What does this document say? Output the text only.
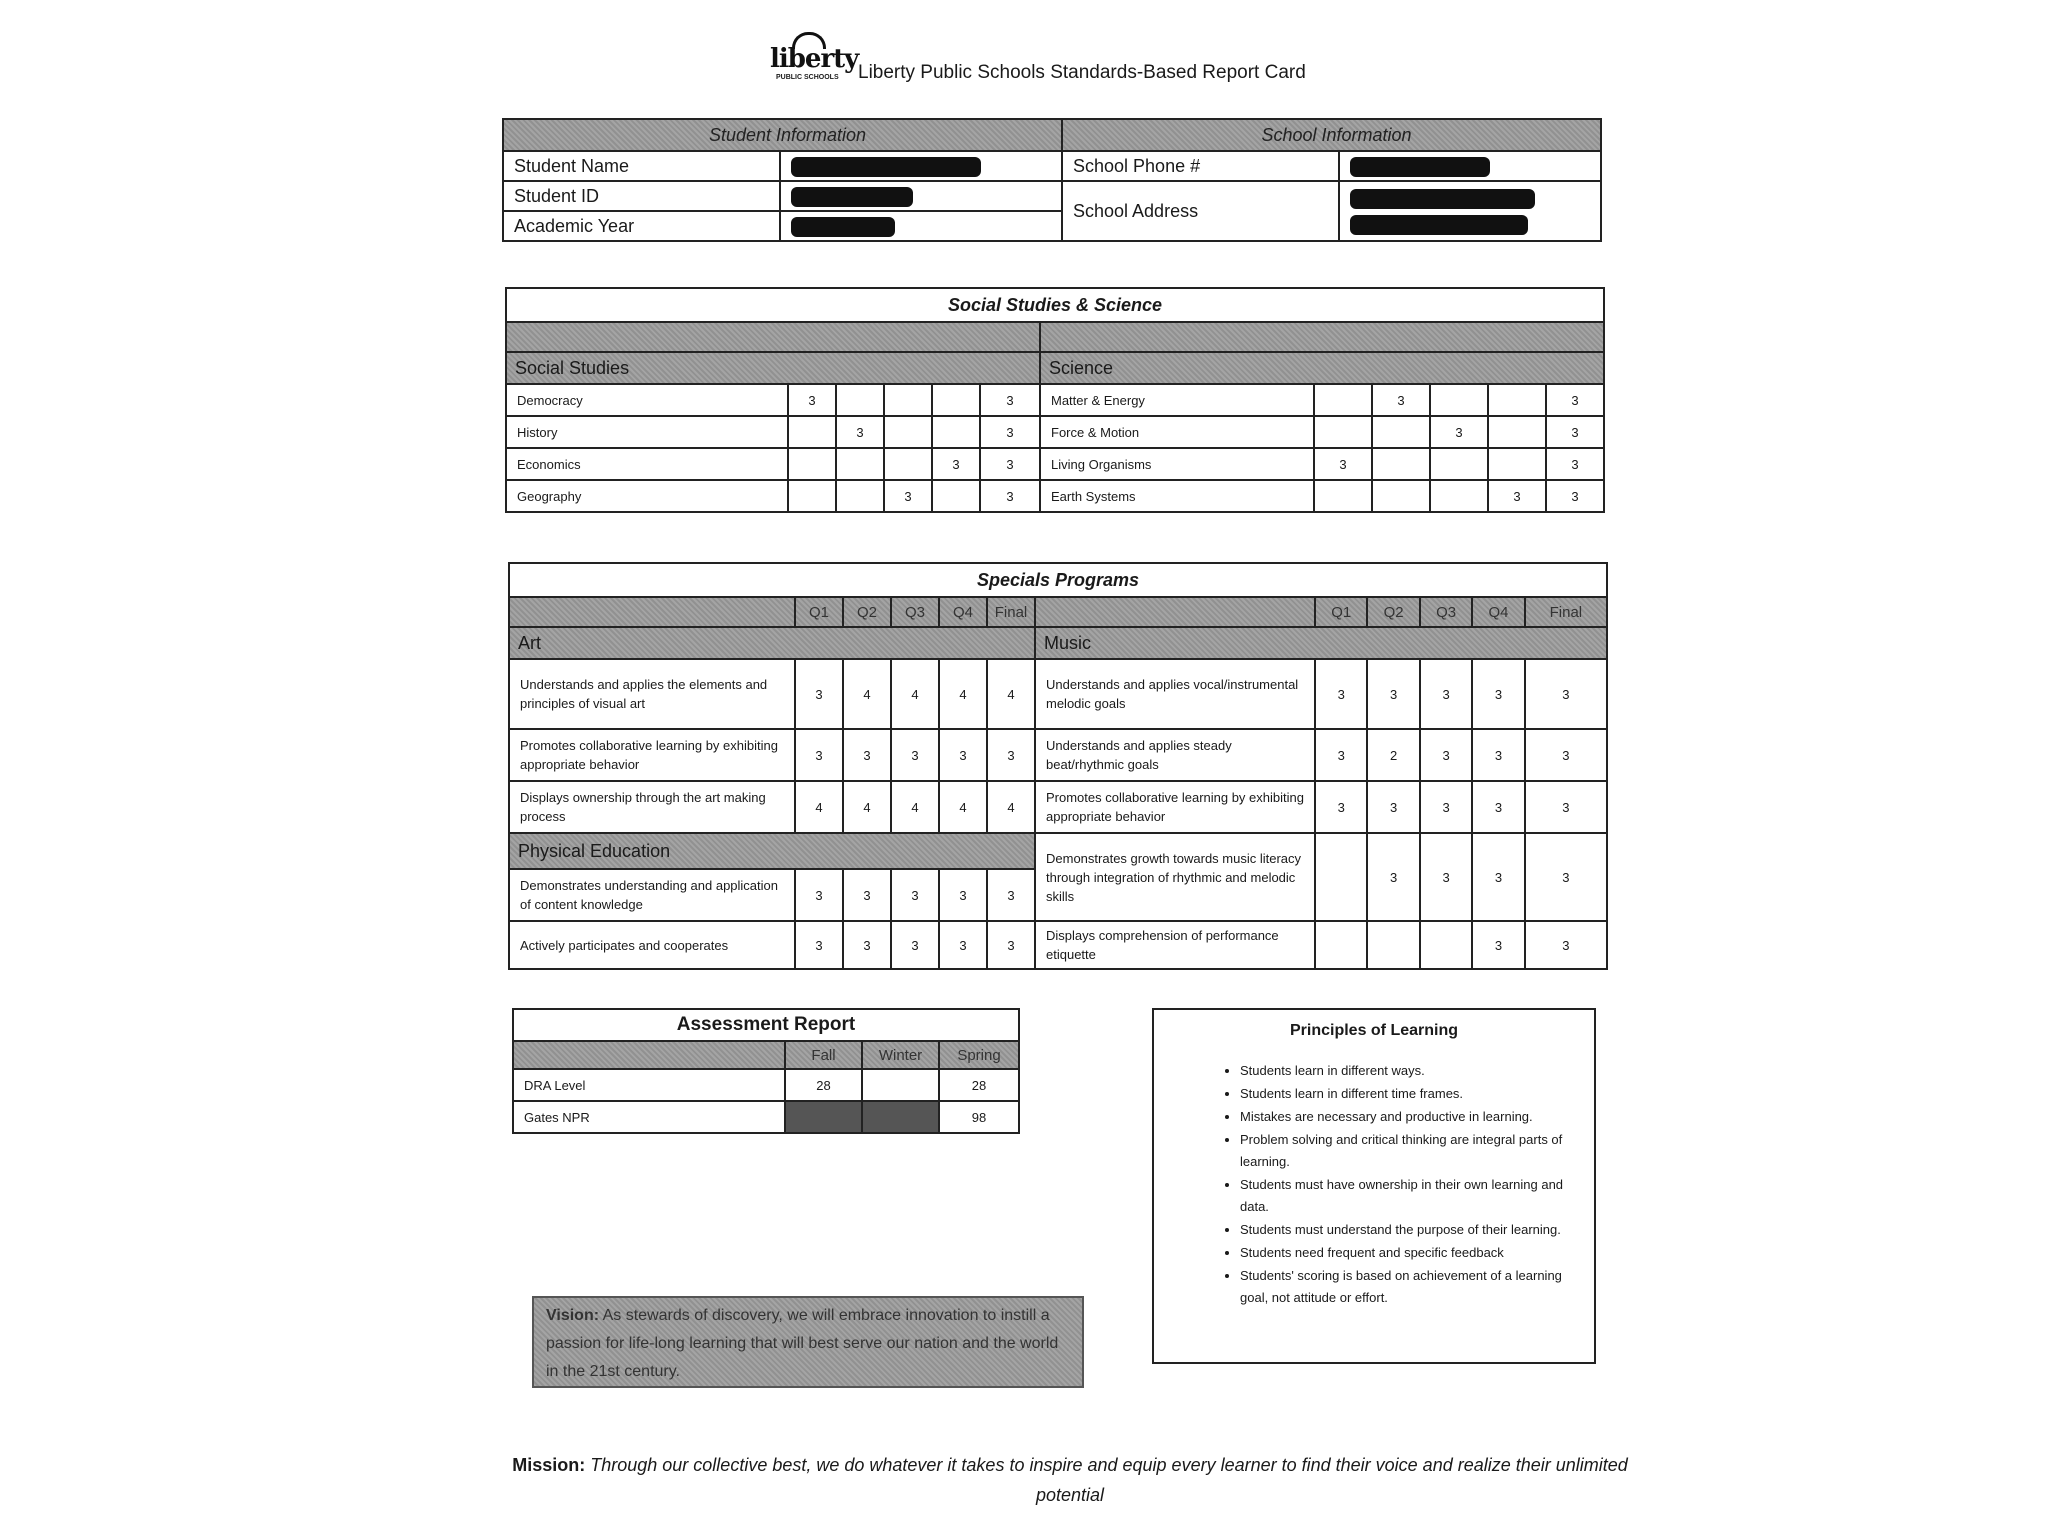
liberty
PUBLIC SCHOOLS Liberty Public Schools Standards-Based Report Card
Student Information		School Information	
Student Name		School Phone #	
Student ID		School Address	

Academic Year			
Social Studies & Science											

Social Studies						Science					
Democracy	3				3	Matter & Energy		3			3
History		3			3	Force & Motion			3		3
Economics				3	3	Living Organisms	3				3
Geography			3		3	Earth Systems				3	3
Specials Programs											
	Q1	Q2	Q3	Q4	Final		Q1	Q2	Q3	Q4	Final
Art						Music					
Understands and applies the elements and principles of visual art	3	4	4	4	4	Understands and applies vocal/instrumental melodic goals	3	3	3	3	3
Promotes collaborative learning by exhibiting appropriate behavior	3	3	3	3	3	Understands and applies steady beat/rhythmic goals	3	2	3	3	3
Displays ownership through the art making process	4	4	4	4	4	Promotes collaborative learning by exhibiting appropriate behavior	3	3	3	3	3
Physical Education						Demonstrates growth towards music literacy through integration of rhythmic and melodic skills		3	3	3	3
Demonstrates understanding and application of content knowledge	3	3	3	3	3						
Actively participates and cooperates	3	3	3	3	3	Displays comprehension of performance etiquette				3	3
Assessment Report			
	Fall	Winter	Spring
DRA Level	28		28
Gates NPR			98
Principles of Learning
• Students learn in different ways.
• Students learn in different time frames.
• Mistakes are necessary and productive in learning.
• Problem solving and critical thinking are integral parts of learning.
• Students must have ownership in their own learning and data.
• Students must understand the purpose of their learning.
• Students need frequent and specific feedback
• Students' scoring is based on achievement of a learning goal, not attitude or effort.
Vision: As stewards of discovery, we will embrace innovation to instill a passion for life-long learning that will best serve our nation and the world in the 21st century.
Mission: Through our collective best, we do whatever it takes to inspire and equip every learner to find their voice and realize their unlimited potential
